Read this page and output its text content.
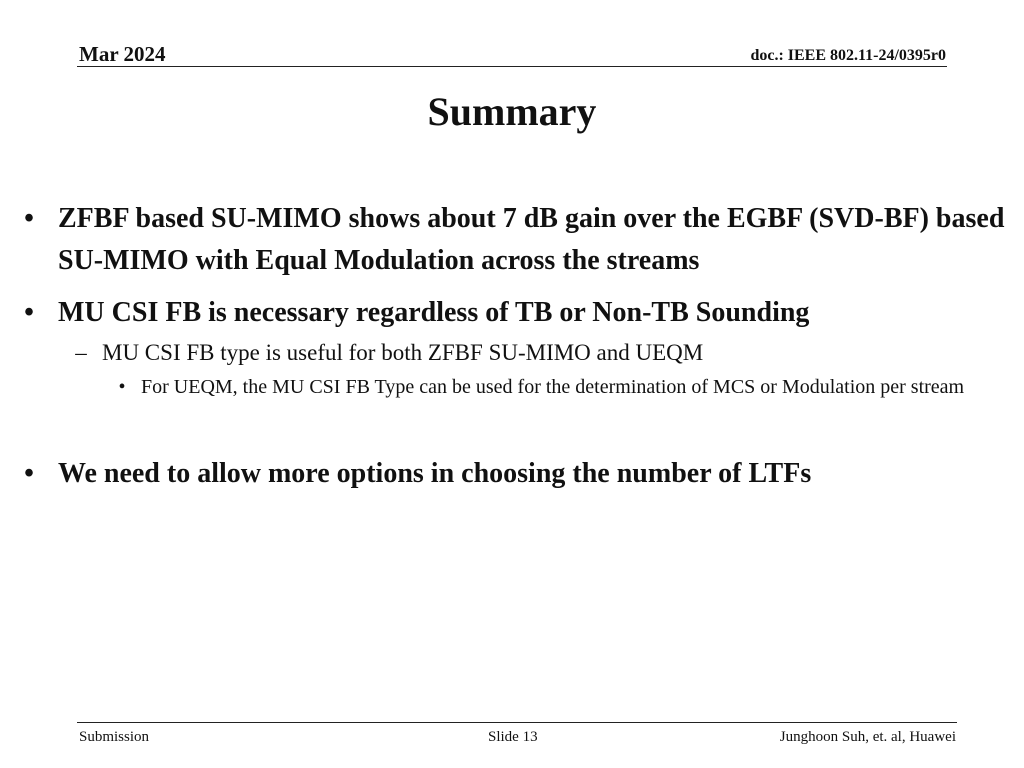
Mar 2024	doc.: IEEE 802.11-24/0395r0
Summary
• ZFBF based SU-MIMO shows about 7 dB gain over the EGBF (SVD-BF) based SU-MIMO with Equal Modulation across the streams
• MU CSI FB is necessary regardless of TB or Non-TB Sounding
– MU CSI FB type is useful for both ZFBF SU-MIMO and UEQM
• For UEQM, the MU CSI FB Type can be used for the determination of MCS or Modulation per stream
• We need to allow more options in choosing the number of LTFs
Submission	Slide 13	Junghoon Suh, et. al, Huawei
